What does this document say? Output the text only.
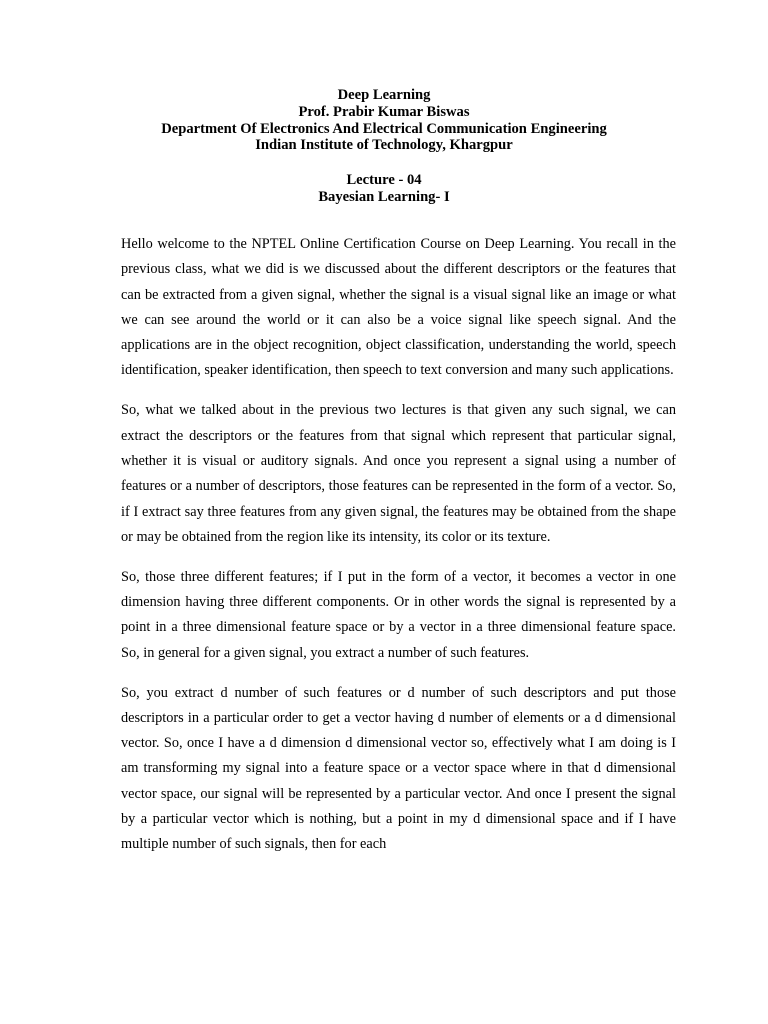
Deep Learning
Prof. Prabir Kumar Biswas
Department Of Electronics And Electrical Communication Engineering
Indian Institute of Technology, Khargpur
Lecture - 04
Bayesian Learning- I

Hello welcome to the NPTEL Online Certification Course on Deep Learning. You recall in the previous class, what we did is we discussed about the different descriptors or the features that can be extracted from a given signal, whether the signal is a visual signal like an image or what we can see around the world or it can also be a voice signal like speech signal. And the applications are in the object recognition, object classification, understanding the world, speech identification, speaker identification, then speech to text conversion and many such applications.

So, what we talked about in the previous two lectures is that given any such signal, we can extract the descriptors or the features from that signal which represent that particular signal, whether it is visual or auditory signals. And once you represent a signal using a number of features or a number of descriptors, those features can be represented in the form of a vector. So, if I extract say three features from any given signal, the features may be obtained from the shape or may be obtained from the region like its intensity, its color or its texture.

So, those three different features; if I put in the form of a vector, it becomes a vector in one dimension having three different components. Or in other words the signal is represented by a point in a three dimensional feature space or by a vector in a three dimensional feature space. So, in general for a given signal, you extract a number of such features.

So, you extract d number of such features or d number of such descriptors and put those descriptors in a particular order to get a vector having d number of elements or a d dimensional vector. So, once I have a d dimension d dimensional vector so, effectively what I am doing is I am transforming my signal into a feature space or a vector space where in that d dimensional vector space, our signal will be represented by a particular vector. And once I present the signal by a particular vector which is nothing, but a point in my d dimensional space and if I have multiple number of such signals, then for each
